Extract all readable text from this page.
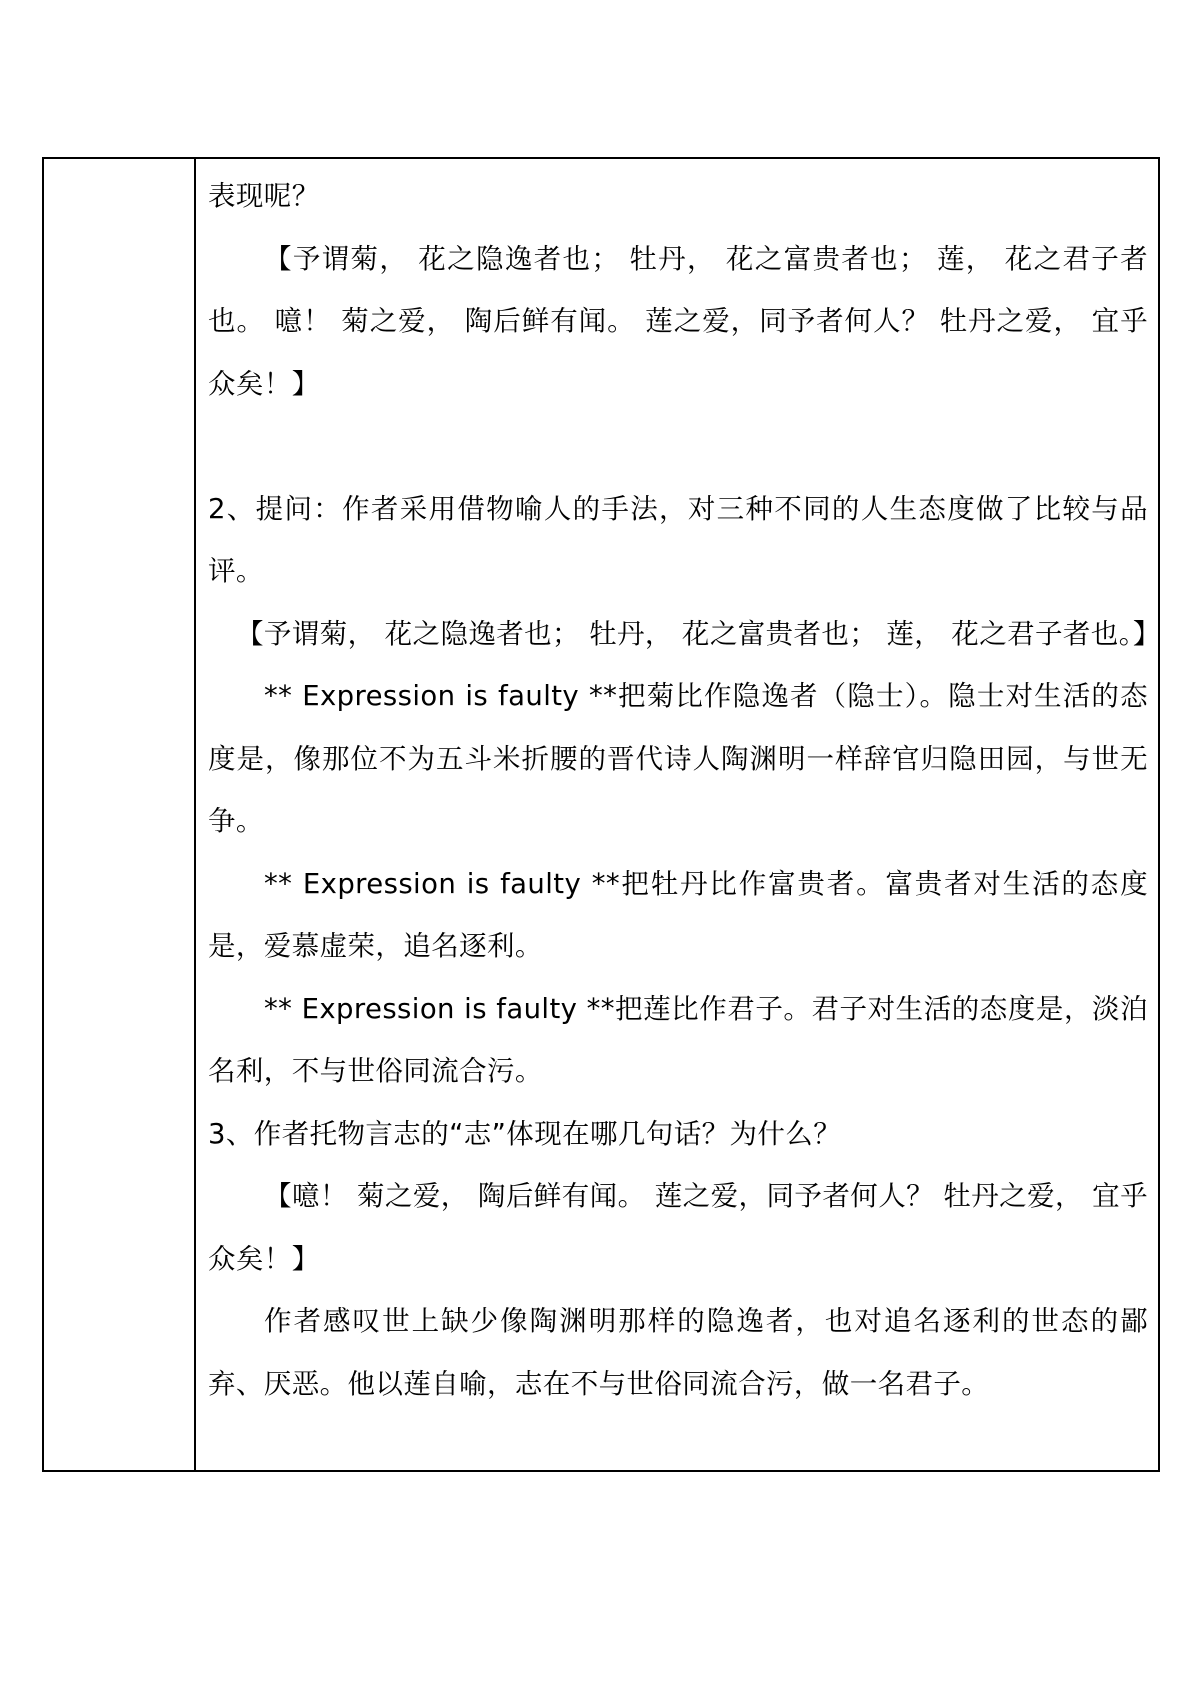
表现呢？

【予谓菊， 花之隐逸者也； 牡丹， 花之富贵者也； 莲， 花之君子者也。 噫！ 菊之爱， 陶后鲜有闻。 莲之爱，同予者何人？ 牡丹之爱， 宜乎众矣！】

2、提问：作者采用借物喻人的手法，对三种不同的人生态度做了比较与品评。

【予谓菊， 花之隐逸者也； 牡丹， 花之富贵者也； 莲， 花之君子者也。】

** Expression is faulty **把菊比作隐逸者（隐士）。隐士对生活的态度是，像那位不为五斗米折腰的晋代诗人陶渊明一样辞官归隐田园，与世无争。

** Expression is faulty **把牡丹比作富贵者。富贵者对生活的态度是，爱慕虚荣，追名逐利。

** Expression is faulty **把莲比作君子。君子对生活的态度是，淡泊名利，不与世俗同流合污。

3、作者托物言志的“志”体现在哪几句话？为什么？

【噫！ 菊之爱， 陶后鲜有闻。 莲之爱，同予者何人？ 牡丹之爱， 宜乎众矣！】

作者感叹世上缺少像陶渊明那样的隐逸者，也对追名逐利的世态的鄙弃、厌恶。他以莲自喻，志在不与世俗同流合污，做一名君子。
